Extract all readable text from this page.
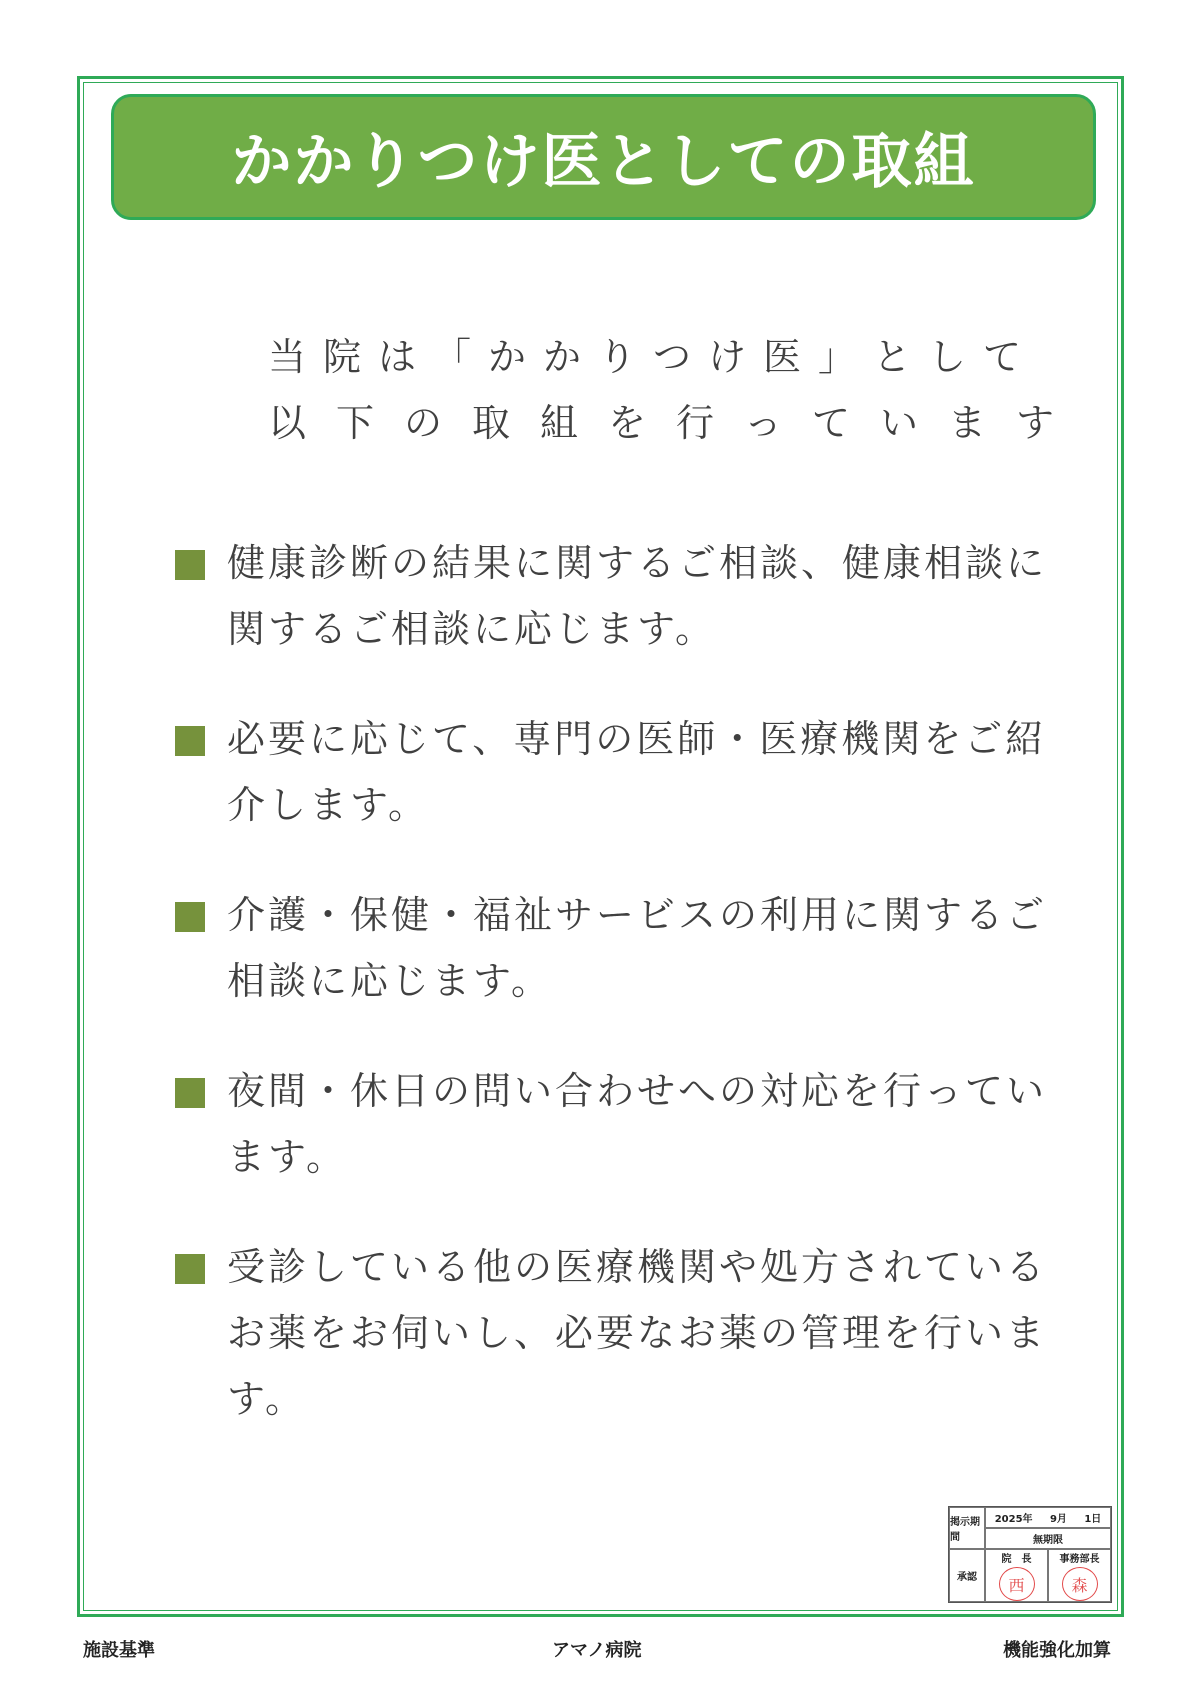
かかりつけ医としての取組
当院は「かかりつけ医」として
以下の取組を行っています
健康診断の結果に関するご相談、健康相談に関するご相談に応じます。
必要に応じて、専門の医師・医療機関をご紹介します。
介護・保健・福祉サービスの利用に関するご相談に応じます。
夜間・休日の問い合わせへの対応を行っています。
受診している他の医療機関や処方されているお薬をお伺いし、必要なお薬の管理を行います。
掲示期間
2025年 9月 1日
無期限
承認
院　長
西
事務部長
森
施設基準	アマノ病院	機能強化加算
